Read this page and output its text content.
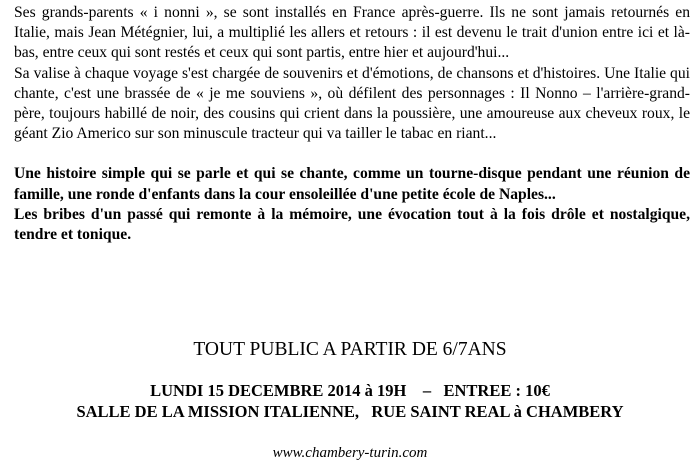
Ses grands-parents « i nonni », se sont installés en France après-guerre. Ils ne sont jamais retournés en Italie, mais Jean Métégnier, lui, a multiplié les allers et retours : il est devenu le trait d'union entre ici et là-bas, entre ceux qui sont restés et ceux qui sont partis, entre hier et aujourd'hui...

Sa valise à chaque voyage s'est chargée de souvenirs et d'émotions, de chansons et d'histoires. Une Italie qui chante, c'est une brassée de « je me souviens », où défilent des personnages : Il Nonno – l'arrière-grand-père, toujours habillé de noir, des cousins qui crient dans la poussière, une amoureuse aux cheveux roux, le géant Zio Americo sur son minuscule tracteur qui va tailler le tabac en riant...

Une histoire simple qui se parle et qui se chante, comme un tourne-disque pendant une réunion de famille, une ronde d'enfants dans la cour ensoleillée d'une petite école de Naples...

Les bribes d'un passé qui remonte à la mémoire, une évocation tout à la fois drôle et nostalgique, tendre et tonique.

TOUT PUBLIC A PARTIR DE 6/7ANS

LUNDI 15 DECEMBRE 2014 à 19H    –   ENTREE : 10€

SALLE DE LA MISSION ITALIENNE,   RUE SAINT REAL à CHAMBERY

www.chambery-turin.com
